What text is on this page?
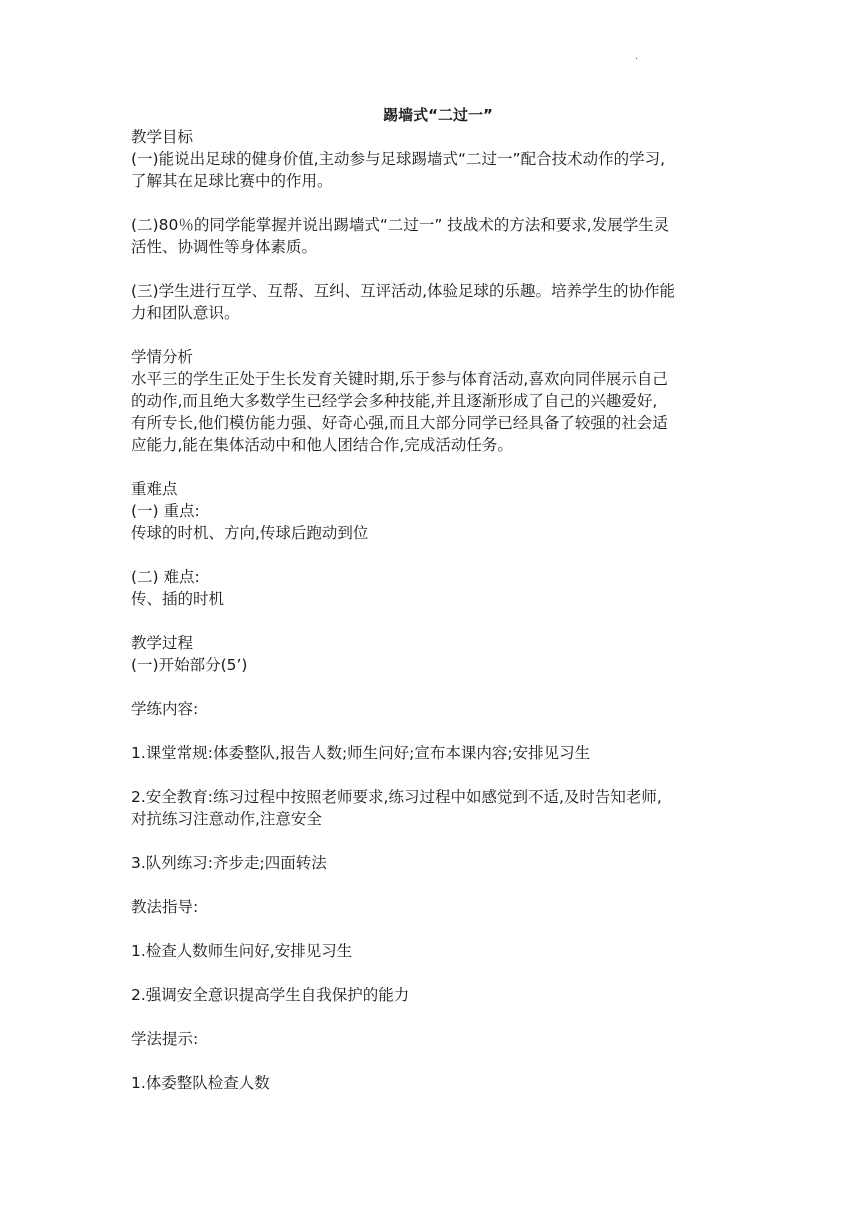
.

踢墙式“二过一”

教学目标

(一)能说出足球的健身价值,主动参与足球踢墙式“二过一”配合技术动作的学习,

了解其在足球比赛中的作用。

(二)80％的同学能掌握并说出踢墙式“二过一” 技战术的方法和要求,发展学生灵

活性、协调性等身体素质。

(三)学生进行互学、互帮、互纠、互评活动,体验足球的乐趣。培养学生的协作能

力和团队意识。

学情分析

水平三的学生正处于生长发育关键时期,乐于参与体育活动,喜欢向同伴展示自己

的动作,而且绝大多数学生已经学会多种技能,并且逐渐形成了自己的兴趣爱好,

有所专长,他们模仿能力强、好奇心强,而且大部分同学已经具备了较强的社会适

应能力,能在集体活动中和他人团结合作,完成活动任务。

重难点

(一) 重点:

传球的时机、方向,传球后跑动到位

(二) 难点:

传、插的时机

教学过程

(一)开始部分(5’)

学练内容:

1.课堂常规:体委整队,报告人数;师生问好;宣布本课内容;安排见习生

2.安全教育:练习过程中按照老师要求,练习过程中如感觉到不适,及时告知老师,

对抗练习注意动作,注意安全

3.队列练习:齐步走;四面转法

教法指导:

1.检查人数师生问好,安排见习生

2.强调安全意识提高学生自我保护的能力

学法提示:

1.体委整队检查人数
